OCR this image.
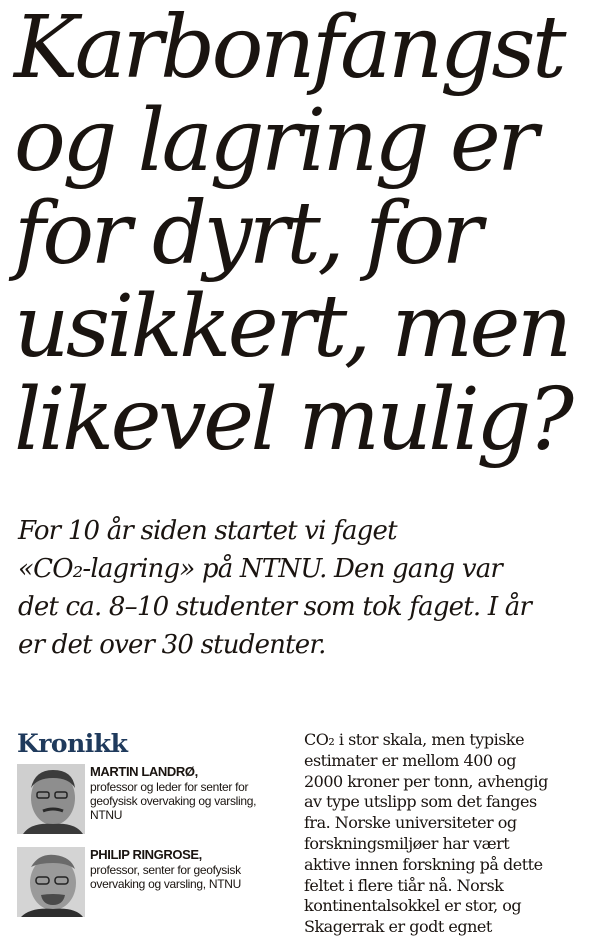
Karbonfangst
og lagring er
for dyrt, for
usikkert, men
likevel mulig?

For 10 år siden startet vi faget
«CO₂-lagring» på NTNU. Den gang var
det ca. 8–10 studenter som tok faget. I år
er det over 30 studenter.

Kronikk
MARTIN LANDRØ,
professor og leder for senter for
geofysisk overvaking og varsling,
NTNU
PHILIP RINGROSE,
professor, senter for geofysisk
overvaking og varsling, NTNU
CO₂ i stor skala, men typiske
estimater er mellom 400 og
2000 kroner per tonn, avhengig
av type utslipp som det fanges
fra. Norske universiteter og
forskningsmiljøer har vært
aktive innen forskning på dette
feltet i flere tiår nå. Norsk
kontinentalsokkel er stor, og
Skagerrak er godt egnet
